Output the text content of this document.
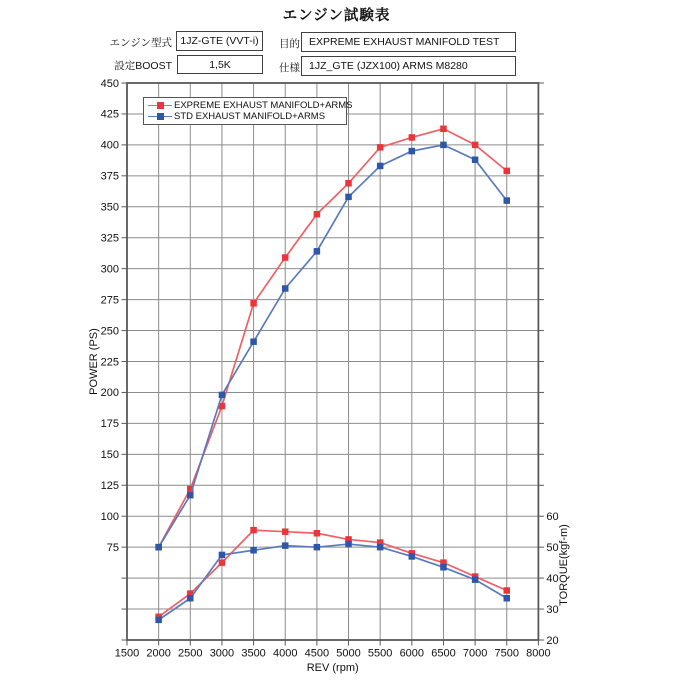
エンジン試験表
エンジン型式 1JZ-GTE (VVT-i)
設定BOOST	1,5K
目的 EXPREME EXHAUST MANIFOLD TEST
仕様 1JZ_GTE (JZX100) ARMS M8280
EXPREME EXHAUST MANIFOLD+ARMS
STD EXHAUST MANIFOLD+ARMS
75
100
125
150
175
200
225
250
275
300
325
350
375
400
425
450
20
30
40
50
60
1500 2000 2500 3000 3500 4000 4500 5000 5500 6000 6500 7000 7500 8000
POWER (PS)
TORQUE(kgf-m)
REV (rpm)
